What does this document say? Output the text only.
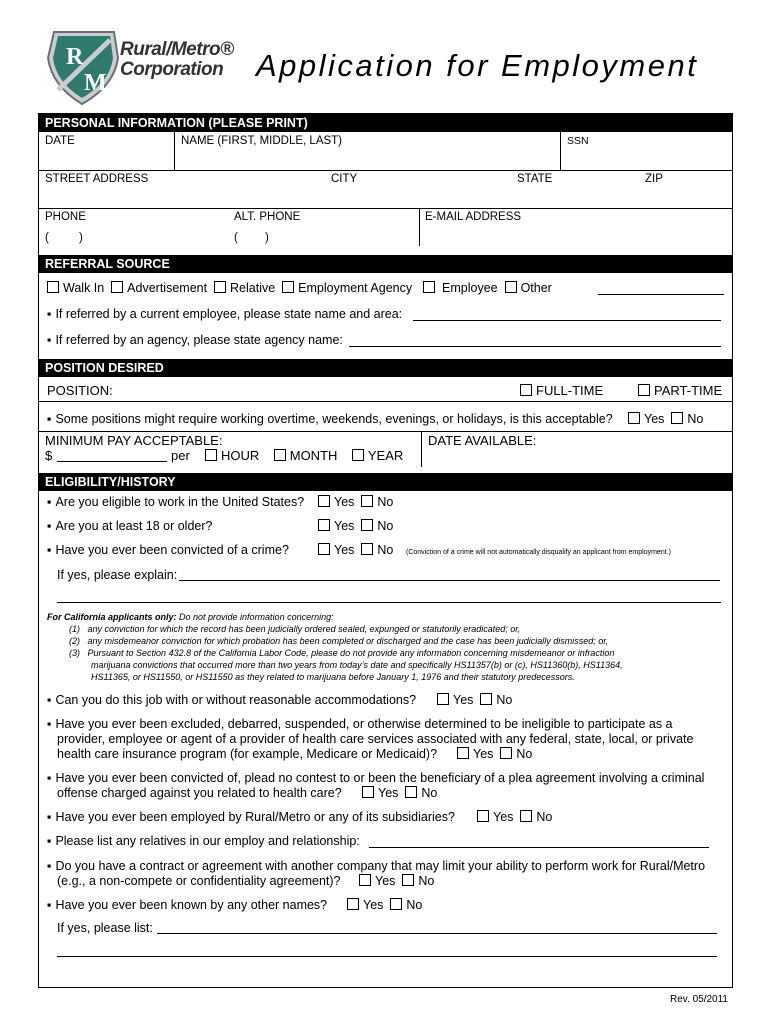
R
M
Rural/Metro®
Corporation	Application for Employment
PERSONAL INFORMATION (PLEASE PRINT)
DATE	NAME (FIRST, MIDDLE, LAST)	SSN
STREET ADDRESS	CITY	STATE	ZIP
PHONE
(	)
ALT. PHONE
( )
E-MAIL ADDRESS
REFERRAL SOURCE
Walk In Advertisement Relative Employment Agency Employee Other
▪ If referred by a current employee, please state name and area:
▪ If referred by an agency, please state agency name:
POSITION DESIRED
POSITION:	FULL-TIME	PART-TIME
▪ Some positions might require working overtime, weekends, evenings, or holidays, is this acceptable?	Yes No
MINIMUM PAY ACCEPTABLE:
$	per	HOUR MONTH YEAR
DATE AVAILABLE:
ELIGIBILITY/HISTORY
▪ Are you eligible to work in the United States?	Yes No
▪ Are you at least 18 or older?	Yes No
▪ Have you ever been convicted of a crime?	Yes No (Conviction of a crime will not automatically disqualify an applicant from employment.)
If yes, please explain:
For California applicants only: Do not provide information concerning:
(1) any conviction for which the record has been judicially ordered sealed, expunged or statutorily eradicated; or,
(2) any misdemeanor conviction for which probation has been completed or discharged and the case has been judicially dismissed; or,
(3) Pursuant to Section 432.8 of the California Labor Code, please do not provide any information concerning misdemeanor or infraction
marijuana convictions that occurred more than two years from today’s date and specifically HS11357(b) or (c), HS11360(b), HS11364,
HS11365, or HS11550, or HS11550 as they related to marijuana before January 1, 1976 and their statutory predecessors.
▪ Can you do this job with or without reasonable accommodations?	Yes No
▪ Have you ever been excluded, debarred, suspended, or otherwise determined to be ineligible to participate as a
provider, employee or agent of a provider of health care services associated with any federal, state, local, or private
health care insurance program (for example, Medicare or Medicaid)?	Yes No
▪ Have you ever been convicted of, plead no contest to or been the beneficiary of a plea agreement involving a criminal
offense charged against you related to health care?	Yes No
▪ Have you ever been employed by Rural/Metro or any of its subsidiaries?	Yes No
▪ Please list any relatives in our employ and relationship:
▪ Do you have a contract or agreement with another company that may limit your ability to perform work for Rural/Metro
(e.g., a non-compete or confidentiality agreement)?	Yes No
▪ Have you ever been known by any other names?	Yes No
If yes, please list:
Rev. 05/2011
